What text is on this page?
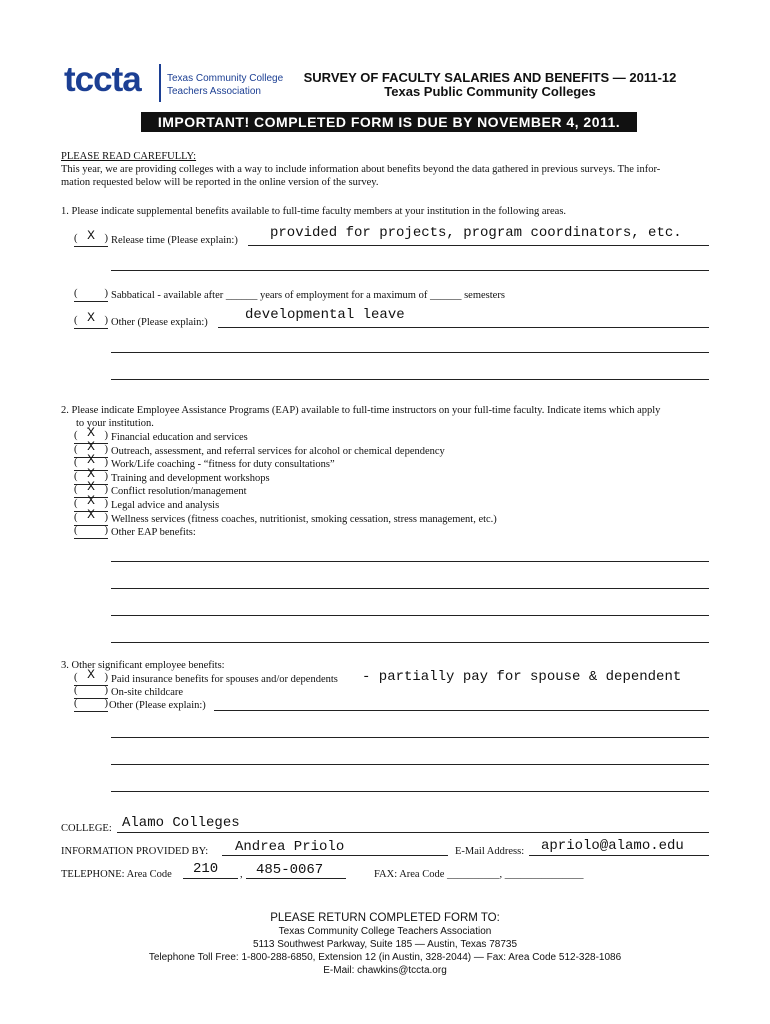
tccta	Texas Community College
Teachers Association
SURVEY OF FACULTY SALARIES AND BENEFITS — 2011-12
Texas Public Community Colleges
IMPORTANT! COMPLETED FORM IS DUE BY NOVEMBER 4, 2011.
PLEASE READ CAREFULLY:
This year, we are providing colleges with a way to include information about benefits beyond the data gathered in previous surveys. The infor-
mation requested below will be reported in the online version of the survey.
1. Please indicate supplemental benefits available to full-time faculty members at your institution in the following areas.
( X ) Release time (Please explain:) provided for projects, program coordinators, etc.
(	) Sabbatical - available after ______ years of employment for a maximum of ______ semesters
( X ) Other (Please explain:)	developmental leave
2. Please indicate Employee Assistance Programs (EAP) available to full-time instructors on your full-time faculty. Indicate items which apply
to your institution.
( X ) Financial education and services
( X ) Outreach, assessment, and referral services for alcohol or chemical dependency
( X ) Work/Life coaching - “fitness for duty consultations”
( X ) Training and development workshops
( X ) Conflict resolution/management
( X ) Legal advice and analysis
( X ) Wellness services (fitness coaches, nutritionist, smoking cessation, stress management, etc.)
(	) Other EAP benefits:
3. Other significant employee benefits:
( X ) Paid insurance benefits for spouses and/or dependents - partially pay for spouse & dependent
(	) On-site childcare
(	) Other (Please explain:)
COLLEGE: Alamo Colleges
INFORMATION PROVIDED BY: Andrea Priolo	E-Mail Address: apriolo@alamo.edu
TELEPHONE: Area Code 210 , 485-0067	FAX: Area Code __________, _______________
PLEASE RETURN COMPLETED FORM TO:
Texas Community College Teachers Association
5113 Southwest Parkway, Suite 185 — Austin, Texas 78735
Telephone Toll Free: 1-800-288-6850, Extension 12 (in Austin, 328-2044) — Fax: Area Code 512-328-1086
E-Mail: chawkins@tccta.org
